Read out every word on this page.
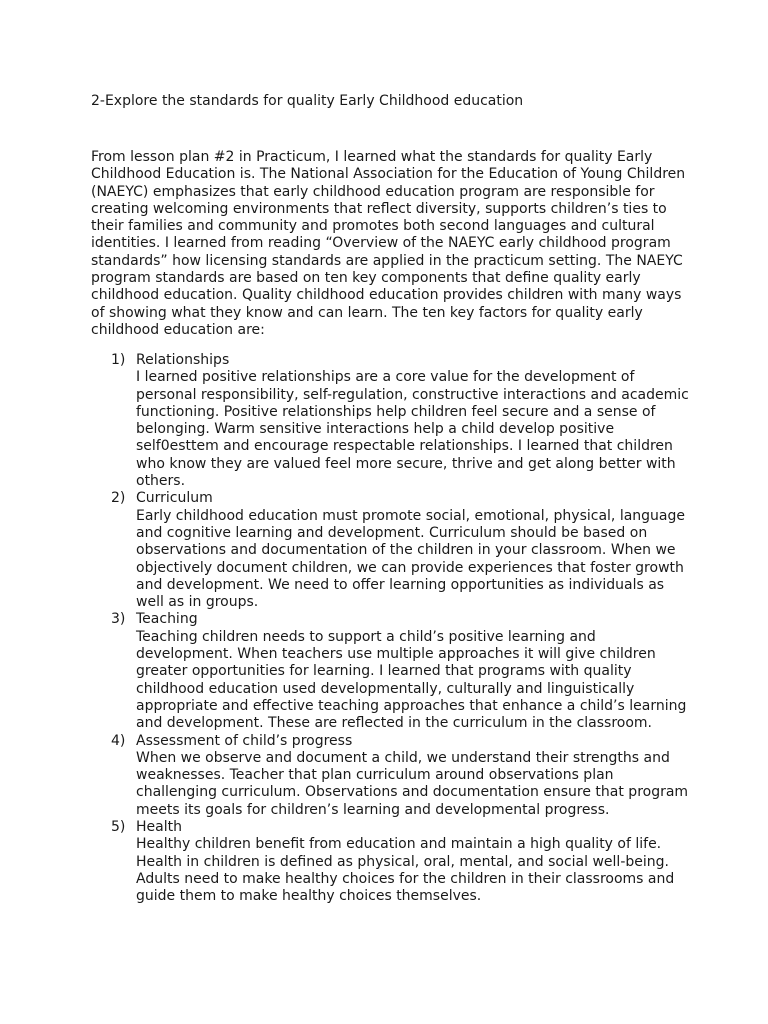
2-Explore the standards for quality Early Childhood education

From lesson plan #2 in Practicum, I learned what the standards for quality Early Childhood Education is. The National Association for the Education of Young Children (NAEYC) emphasizes that early childhood education program are responsible for creating welcoming environments that reflect diversity, supports children’s ties to their families and community and promotes both second languages and cultural identities. I learned from reading “Overview of the NAEYC early childhood program standards” how licensing standards are applied in the practicum setting. The NAEYC program standards are based on ten key components that define quality early childhood education. Quality childhood education provides children with many ways of showing what they know and can learn. The ten key factors for quality early childhood education are:

1) Relationships
I learned positive relationships are a core value for the development of personal responsibility, self-regulation, constructive interactions and academic functioning. Positive relationships help children feel secure and a sense of belonging. Warm sensitive interactions help a child develop positive self0esttem and encourage respectable relationships. I learned that children who know they are valued feel more secure, thrive and get along better with others.
2) Curriculum
Early childhood education must promote social, emotional, physical, language and cognitive learning and development. Curriculum should be based on observations and documentation of the children in your classroom. When we objectively document children, we can provide experiences that foster growth and development. We need to offer learning opportunities as individuals as well as in groups.
3) Teaching
Teaching children needs to support a child’s positive learning and development. When teachers use multiple approaches it will give children greater opportunities for learning. I learned that programs with quality childhood education used developmentally, culturally and linguistically appropriate and effective teaching approaches that enhance a child’s learning and development. These are reflected in the curriculum in the classroom.
4) Assessment of child’s progress
When we observe and document a child, we understand their strengths and weaknesses. Teacher that plan curriculum around observations plan challenging curriculum. Observations and documentation ensure that program meets its goals for children’s learning and developmental progress.
5) Health
Healthy children benefit from education and maintain a high quality of life. Health in children is defined as physical, oral, mental, and social well-being. Adults need to make healthy choices for the children in their classrooms and guide them to make healthy choices themselves.
